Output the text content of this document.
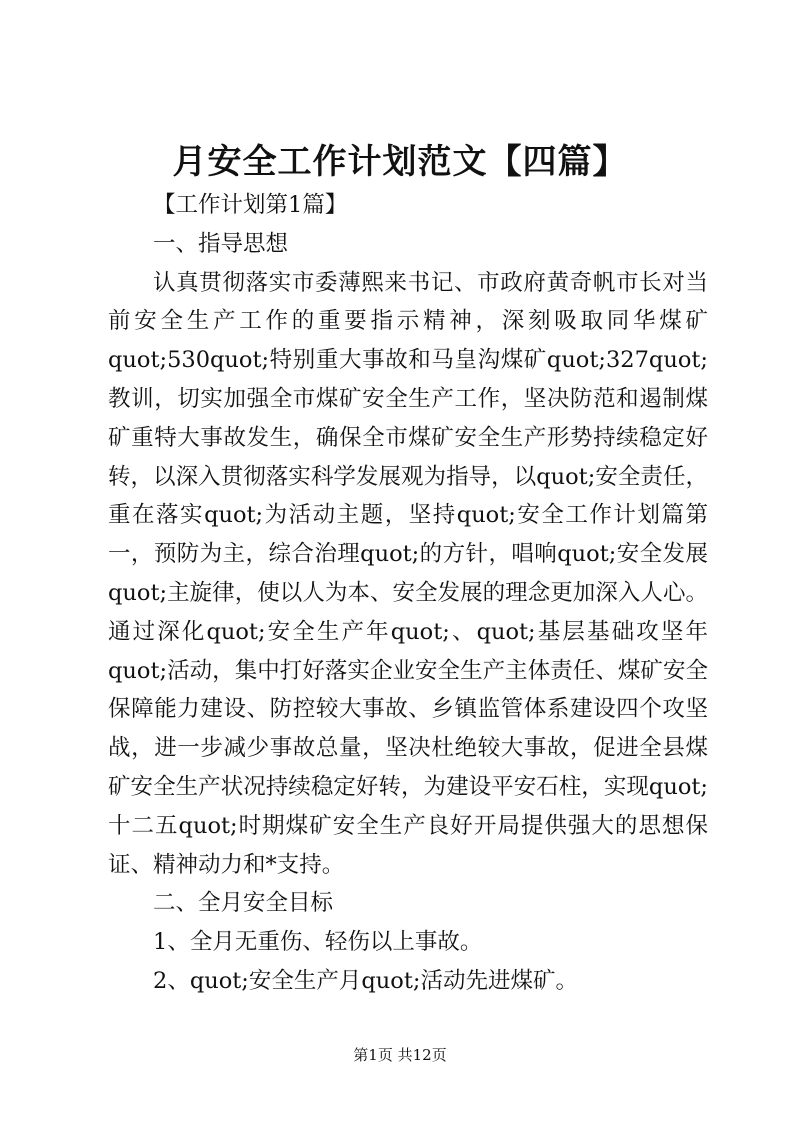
月安全工作计划范文【四篇】

【工作计划第1篇】

一、指导思想

认真贯彻落实市委薄熙来书记、市政府黄奇帆市长对当前安全生产工作的重要指示精神，深刻吸取同华煤矿quot;530quot;特别重大事故和马皇沟煤矿quot;327quot;教训，切实加强全市煤矿安全生产工作，坚决防范和遏制煤矿重特大事故发生，确保全市煤矿安全生产形势持续稳定好转，以深入贯彻落实科学发展观为指导，以quot;安全责任，重在落实quot;为活动主题，坚持quot;安全工作计划篇第一，预防为主，综合治理quot;的方针，唱响quot;安全发展quot;主旋律，使以人为本、安全发展的理念更加深入人心。通过深化quot;安全生产年quot;、quot;基层基础攻坚年quot;活动，集中打好落实企业安全生产主体责任、煤矿安全保障能力建设、防控较大事故、乡镇监管体系建设四个攻坚战，进一步减少事故总量，坚决杜绝较大事故，促进全县煤矿安全生产状况持续稳定好转，为建设平安石柱，实现quot;十二五quot;时期煤矿安全生产良好开局提供强大的思想保证、精神动力和*支持。

二、全月安全目标

1、全月无重伤、轻伤以上事故。

2、quot;安全生产月quot;活动先进煤矿。

第1页 共12页
